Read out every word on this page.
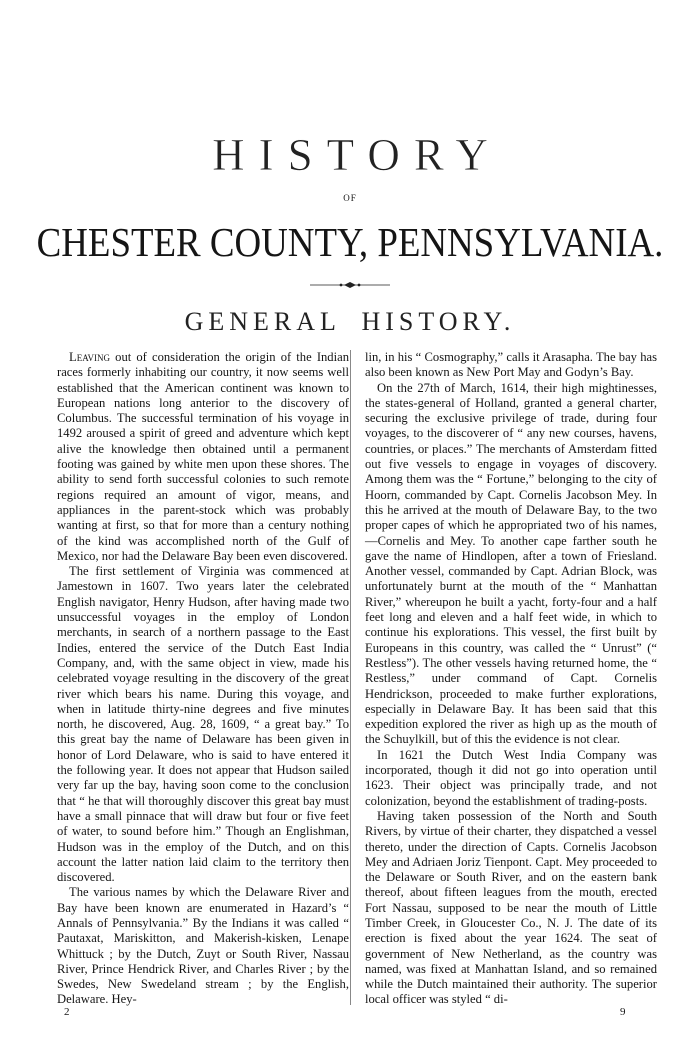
HISTORY
OF
CHESTER COUNTY, PENNSYLVANIA.
GENERAL HISTORY.

Leaving out of consideration the origin of the Indian races formerly inhabiting our country, it now seems well established that the American continent was known to European nations long anterior to the discovery of Columbus. The successful termination of his voyage in 1492 aroused a spirit of greed and adventure which kept alive the knowledge then obtained until a permanent footing was gained by white men upon these shores. The ability to send forth successful colonies to such remote regions required an amount of vigor, means, and appliances in the parent-stock which was probably wanting at first, so that for more than a century nothing of the kind was accomplished north of the Gulf of Mexico, nor had the Delaware Bay been even discovered.

The first settlement of Virginia was commenced at Jamestown in 1607. Two years later the celebrated English navigator, Henry Hudson, after having made two unsuccessful voyages in the employ of London merchants, in search of a northern passage to the East Indies, entered the service of the Dutch East India Company, and, with the same object in view, made his celebrated voyage resulting in the discovery of the great river which bears his name. During this voyage, and when in latitude thirty-nine degrees and five minutes north, he discovered, Aug. 28, 1609, “ a great bay.” To this great bay the name of Delaware has been given in honor of Lord Delaware, who is said to have entered it the following year. It does not appear that Hudson sailed very far up the bay, having soon come to the conclusion that “ he that will thoroughly discover this great bay must have a small pinnace that will draw but four or five feet of water, to sound before him.” Though an Englishman, Hudson was in the employ of the Dutch, and on this account the latter nation laid claim to the territory then discovered.

The various names by which the Delaware River and Bay have been known are enumerated in Hazard’s “ Annals of Pennsylvania.” By the Indians it was called “ Pautaxat, Mariskitton, and Makerish-kisken, Lenape Whittuck ; by the Dutch, Zuyt or South River, Nassau River, Prince Hendrick River, and Charles River ; by the Swedes, New Swedeland stream ; by the English, Delaware. Hey-

lin, in his “ Cosmography,” calls it Arasapha. The bay has also been known as New Port May and Godyn’s Bay.

On the 27th of March, 1614, their high mightinesses, the states-general of Holland, granted a general charter, securing the exclusive privilege of trade, during four voyages, to the discoverer of “ any new courses, havens, countries, or places.” The merchants of Amsterdam fitted out five vessels to engage in voyages of discovery. Among them was the “ Fortune,” belonging to the city of Hoorn, commanded by Capt. Cornelis Jacobson Mey. In this he arrived at the mouth of Delaware Bay, to the two proper capes of which he appropriated two of his names,—Cornelis and Mey. To another cape farther south he gave the name of Hindlopen, after a town of Friesland. Another vessel, commanded by Capt. Adrian Block, was unfortunately burnt at the mouth of the “ Manhattan River,” whereupon he built a yacht, forty-four and a half feet long and eleven and a half feet wide, in which to continue his explorations. This vessel, the first built by Europeans in this country, was called the “ Unrust” (“ Restless”). The other vessels having returned home, the “ Restless,” under command of Capt. Cornelis Hendrickson, proceeded to make further explorations, especially in Delaware Bay. It has been said that this expedition explored the river as high up as the mouth of the Schuylkill, but of this the evidence is not clear.

In 1621 the Dutch West India Company was incorporated, though it did not go into operation until 1623. Their object was principally trade, and not colonization, beyond the establishment of trading-posts.

Having taken possession of the North and South Rivers, by virtue of their charter, they dispatched a vessel thereto, under the direction of Capts. Cornelis Jacobson Mey and Adriaen Joriz Tienpont. Capt. Mey proceeded to the Delaware or South River, and on the eastern bank thereof, about fifteen leagues from the mouth, erected Fort Nassau, supposed to be near the mouth of Little Timber Creek, in Gloucester Co., N. J. The date of its erection is fixed about the year 1624. The seat of government of New Netherland, as the country was named, was fixed at Manhattan Island, and so remained while the Dutch maintained their authority. The superior local officer was styled “ di-

2	9
